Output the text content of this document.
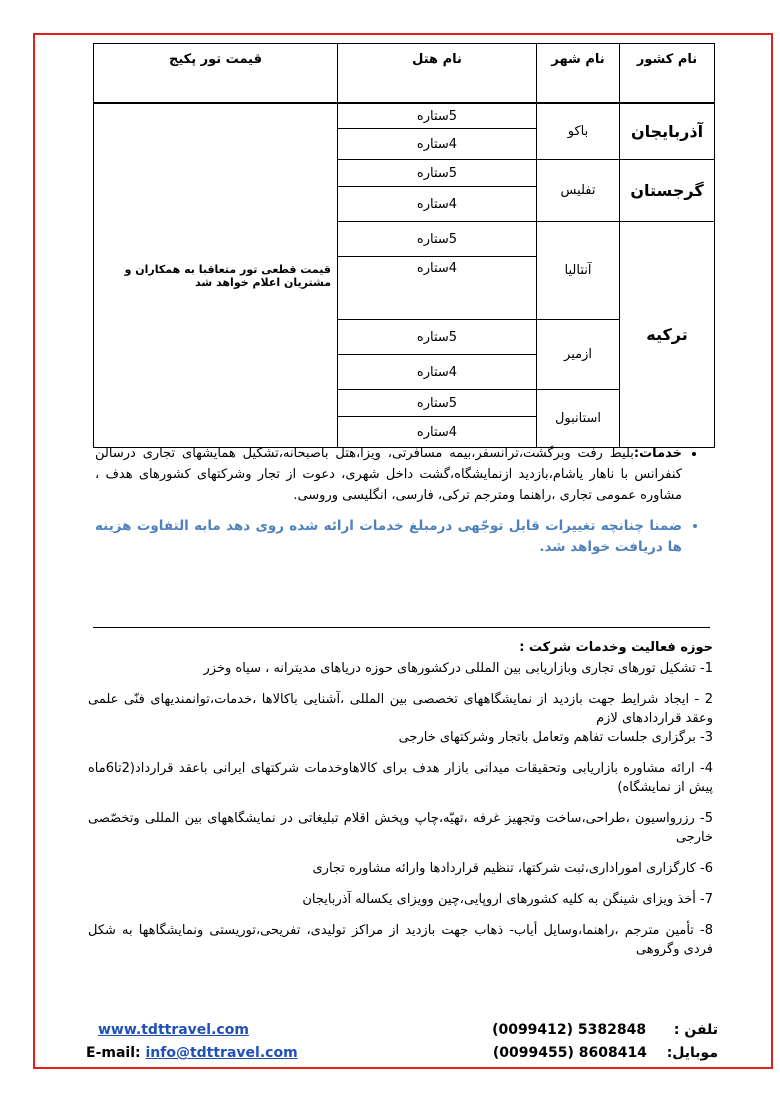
نام کشور	نام شهر	نام هتل	قیمت تور پکیج

آذربایجان	باکو	5ستاره	قیمت قطعی تور متعاقبا به همکاران و مشتریان اعلام خواهد شد
		4ستاره	
گرجستان	تفلیس	5ستاره	
		4ستاره	
ترکیه	آنتالیا	5ستاره	
		4ستاره	
	ازمیر	5ستاره	
		4ستاره	
	استانبول	5ستاره	
		4ستاره	
• خدمات:بلیط رفت وبرگشت،ترانسفر،بیمه مسافرتی، ویزا،هتل باصبحانه،تشکیل همایشهای تجاری درسالن کنفرانس با ناهار یاشام،بازدید ازنمایشگاه،گشت داخل شهری، دعوت از تجار وشرکتهای کشورهای هدف ، مشاوره عمومی تجاری ،راهنما ومترجم ترکی، فارسی، انگلیسی وروسی.
• ضمنا چنانچه تغییرات قابل توجّهی درمبلغ خدمات ارائه شده روی دهد مابه التفاوت هزینه ها دریافت خواهد شد.
حوزه فعالیت وخدمات شرکت :

1- تشکیل تورهای تجاری وبازاریابی بین المللی درکشورهای حوزه دریاهای مدیترانه ، سیاه وخزر

2 - ایجاد شرایط جهت بازدید از نمایشگاههای تخصصی بین المللی ،آشنایی باکالاها ،خدمات،توانمندیهای فنّی علمی وعقد قراردادهای لازم

3- برگزاری جلسات تفاهم وتعامل باتجار وشرکتهای خارجی

4- ارائه مشاوره بازاریابی وتحقیقات میدانی بازار هدف برای کالاهاوخدمات شرکتهای ایرانی باعقد قرارداد(2تا6ماه پیش از نمایشگاه)

5- رزرواسیون ،طراحی،ساخت وتجهیز غرفه ،تهیّه،چاپ وپخش اقلام تبلیغاتی در نمایشگاههای بین المللی وتخصّصی خارجی

6- کارگزاری اموراداری،ثبت شرکتها، تنظیم قراردادها وارائه مشاوره تجاری

7- أخذ ویزای شینگن به کلیه کشورهای اروپایی،چین وویزای یکساله آذربایجان

8- تأمین مترجم ،راهنما،وسایل أیاب- ذهاب جهت بازدید از مراکز تولیدی، تفریحی،توریستی ونمایشگاهها به شکل فردی وگروهی

تلفن :  (0099412) 5382848
www.tdttravel.com
موبایل:  (0099455) 8608414
E-mail: info@tdttravel.com
